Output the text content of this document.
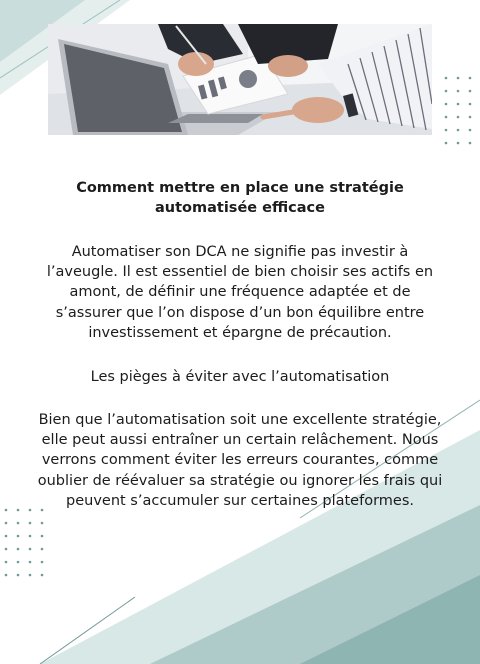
Comment mettre en place une stratégie automatisée efficace

Automatiser son DCA ne signifie pas investir à l’aveugle. Il est essentiel de bien choisir ses actifs en amont, de définir une fréquence adaptée et de s’assurer que l’on dispose d’un bon équilibre entre investissement et épargne de précaution.

Les pièges à éviter avec l’automatisation

Bien que l’automatisation soit une excellente stratégie, elle peut aussi entraîner un certain relâchement. Nous verrons comment éviter les erreurs courantes, comme oublier de réévaluer sa stratégie ou ignorer les frais qui peuvent s’accumuler sur certaines plateformes.
